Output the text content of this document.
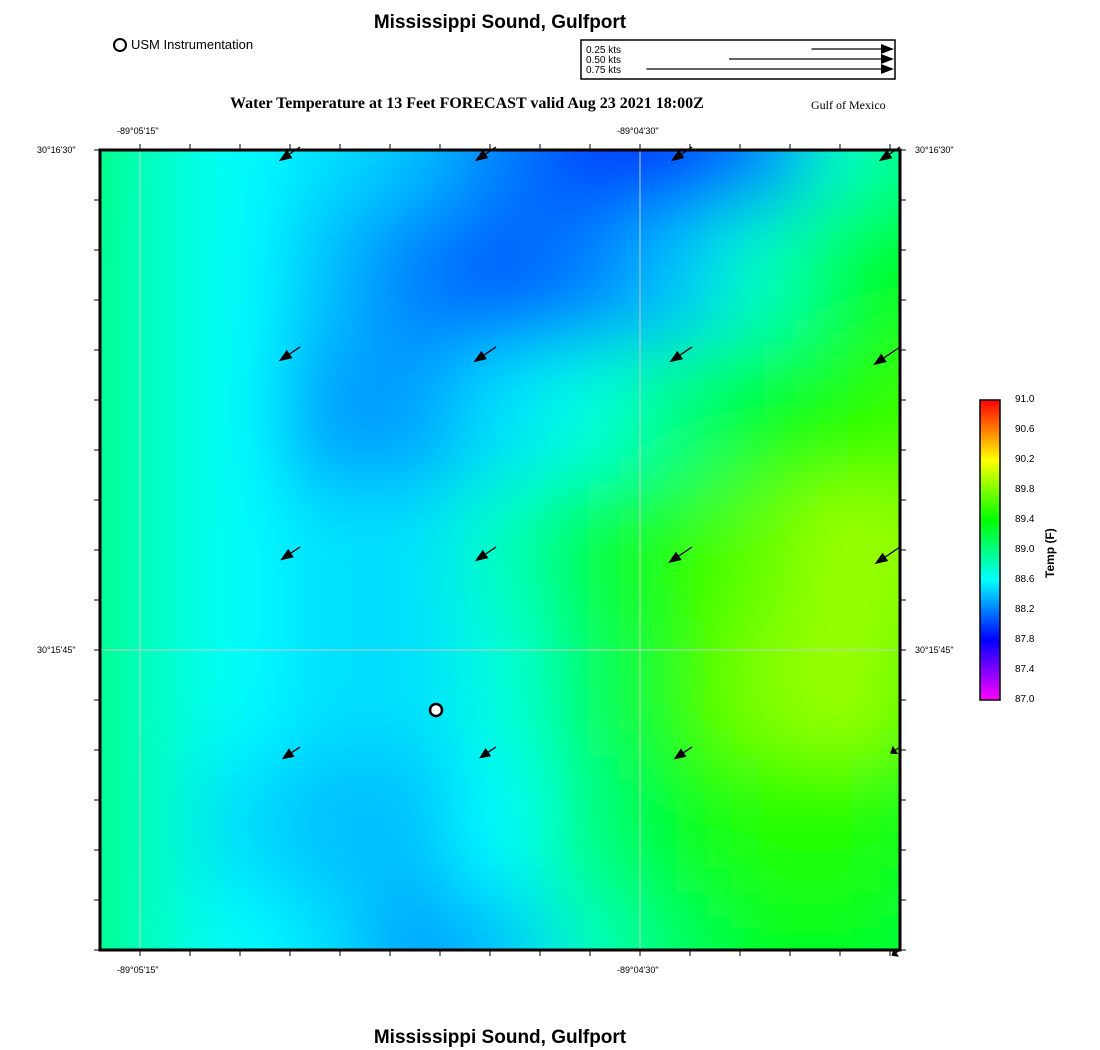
Mississippi Sound, Gulfport
USM Instrumentation	0.25 kts
0.50 kts
0.75 kts
Water Temperature at 13 Feet FORECAST valid Aug 23 2021 18:00Z	Gulf of Mexico
-89°05'15"	-89°04'30"
-89°05'15"	-89°04'30"
30°16'30"
30°15'45"
30°16'30"
30°15'45"
91.0
90.6
90.2
89.8
89.4
89.0
88.6
88.2
87.8
87.4
87.0
Temp (F)
Mississippi Sound, Gulfport
